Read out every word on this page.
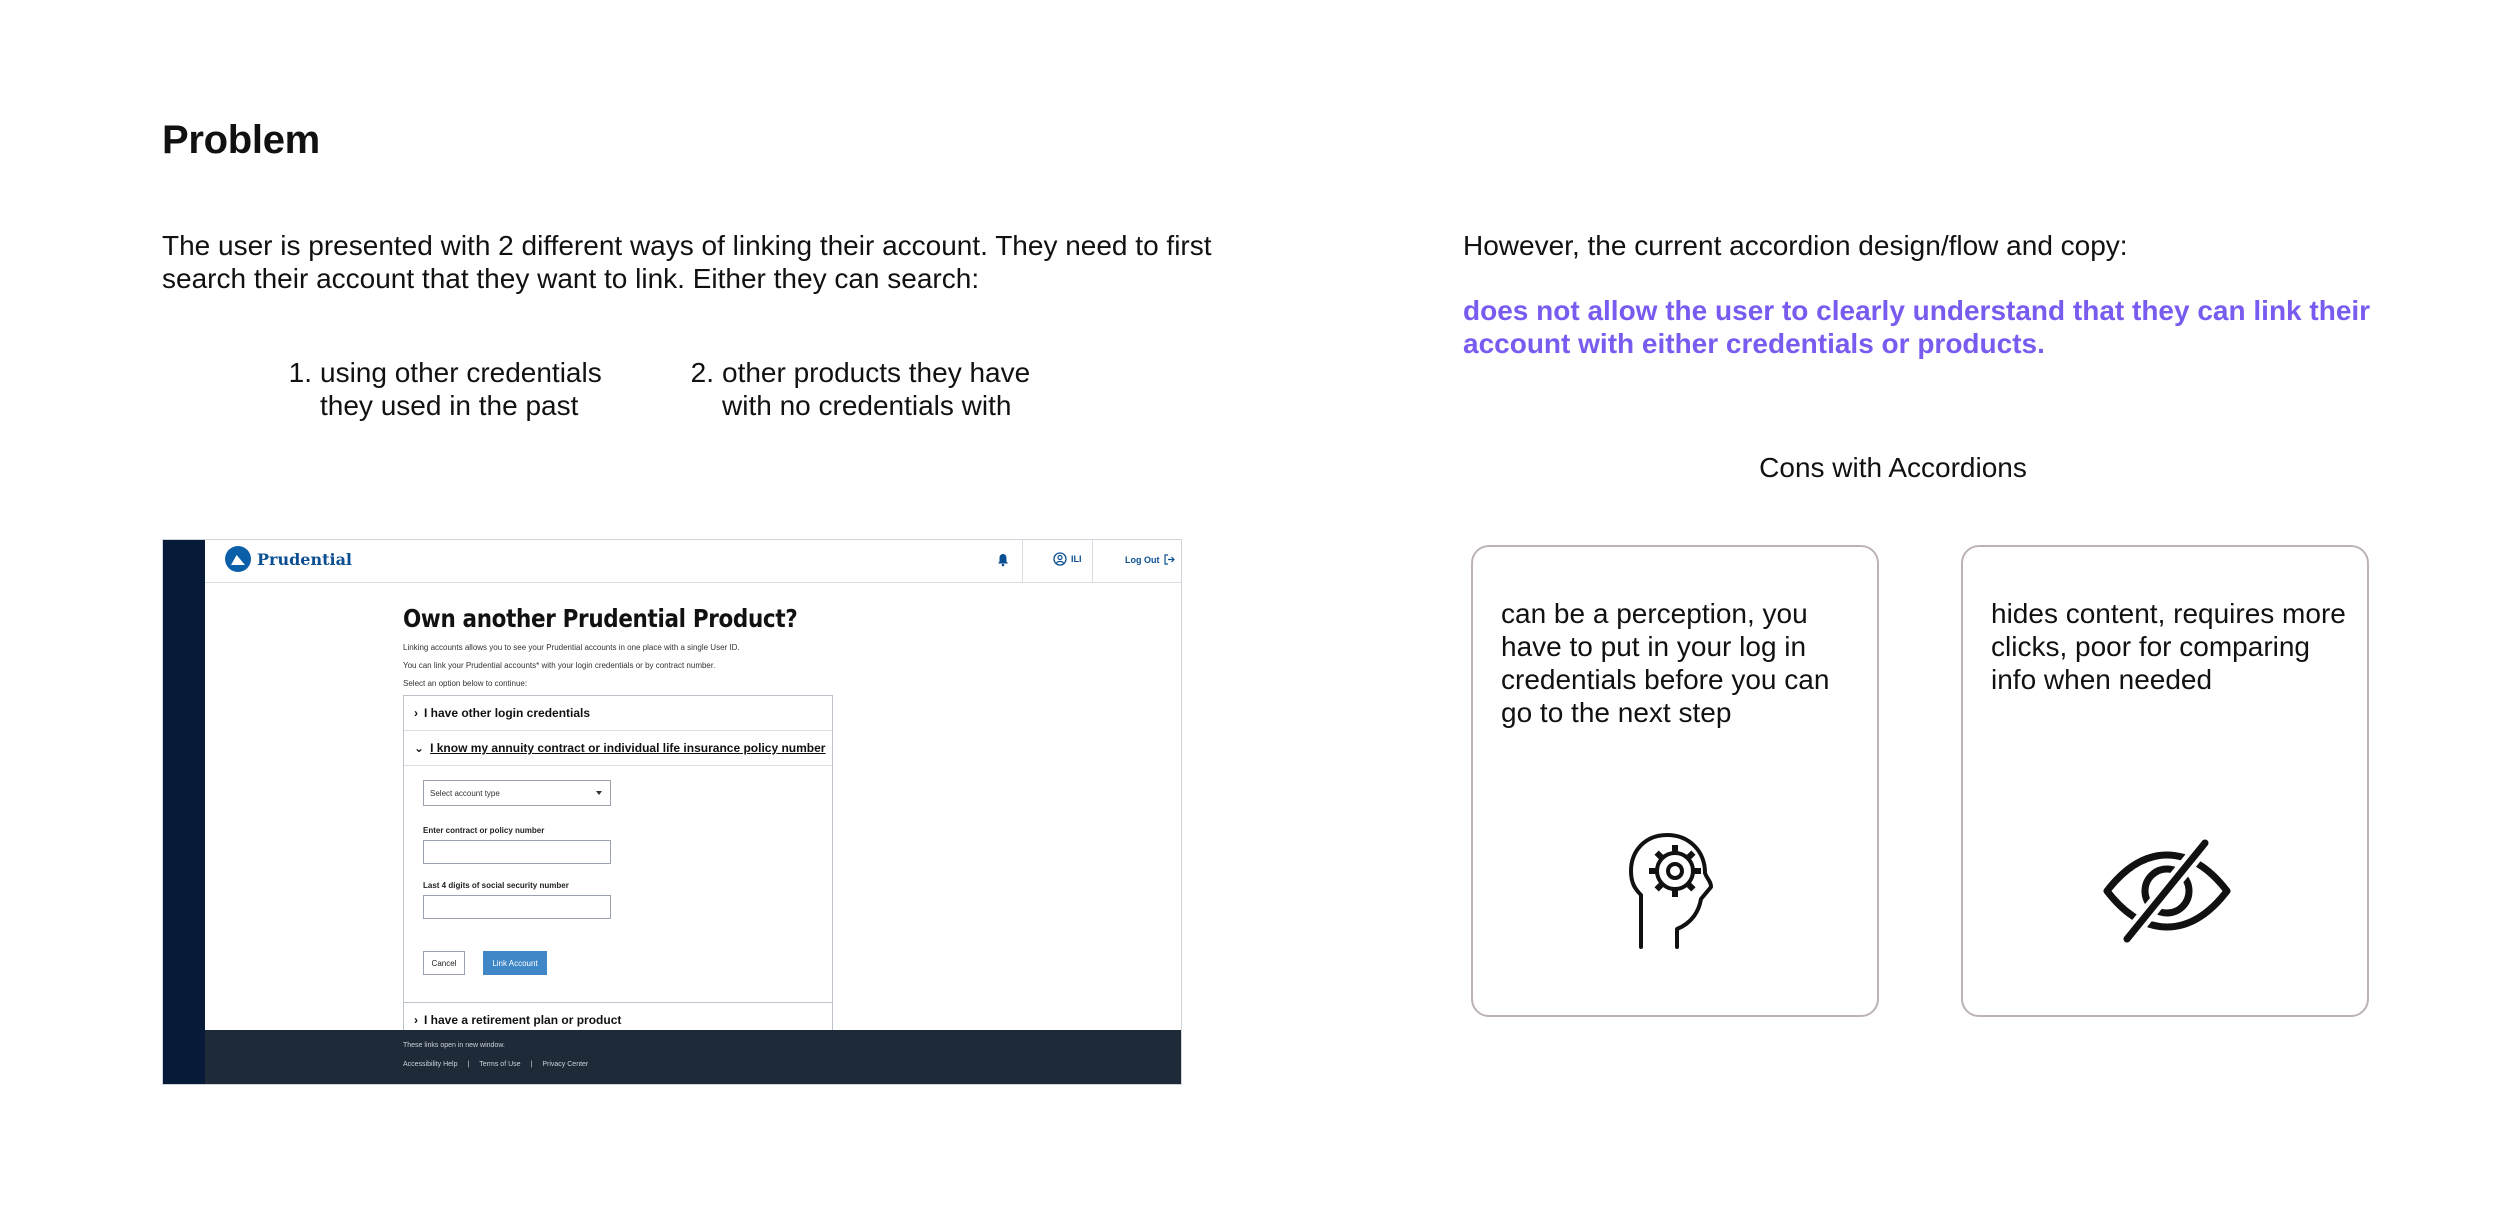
Problem
The user is presented with 2 different ways of linking their account. They need to first search their account that they want to link. Either they can search:
1. using other credentials they used in the past
2. other products they have with no credentials with
Prudential	ILI	Log Out
Own another Prudential Product?
Linking accounts allows you to see your Prudential accounts in one place with a single User ID.
You can link your Prudential accounts* with your login credentials or by contract number.
Select an option below to continue:
› I have other login credentials
⌄ I know my annuity contract or individual life insurance policy number
Select account type
Enter contract or policy number
Last 4 digits of social security number
Cancel	Link Account
› I have a retirement plan or product
These links open in new window.
Accessibility Help | Terms of Use | Privacy Center
However, the current accordion design/flow and copy:
does not allow the user to clearly understand that they can link their account with either credentials or products.
Cons with Accordions
can be a perception, you have to put in your log in credentials before you can go to the next step
hides content, requires more clicks, poor for comparing info when needed
